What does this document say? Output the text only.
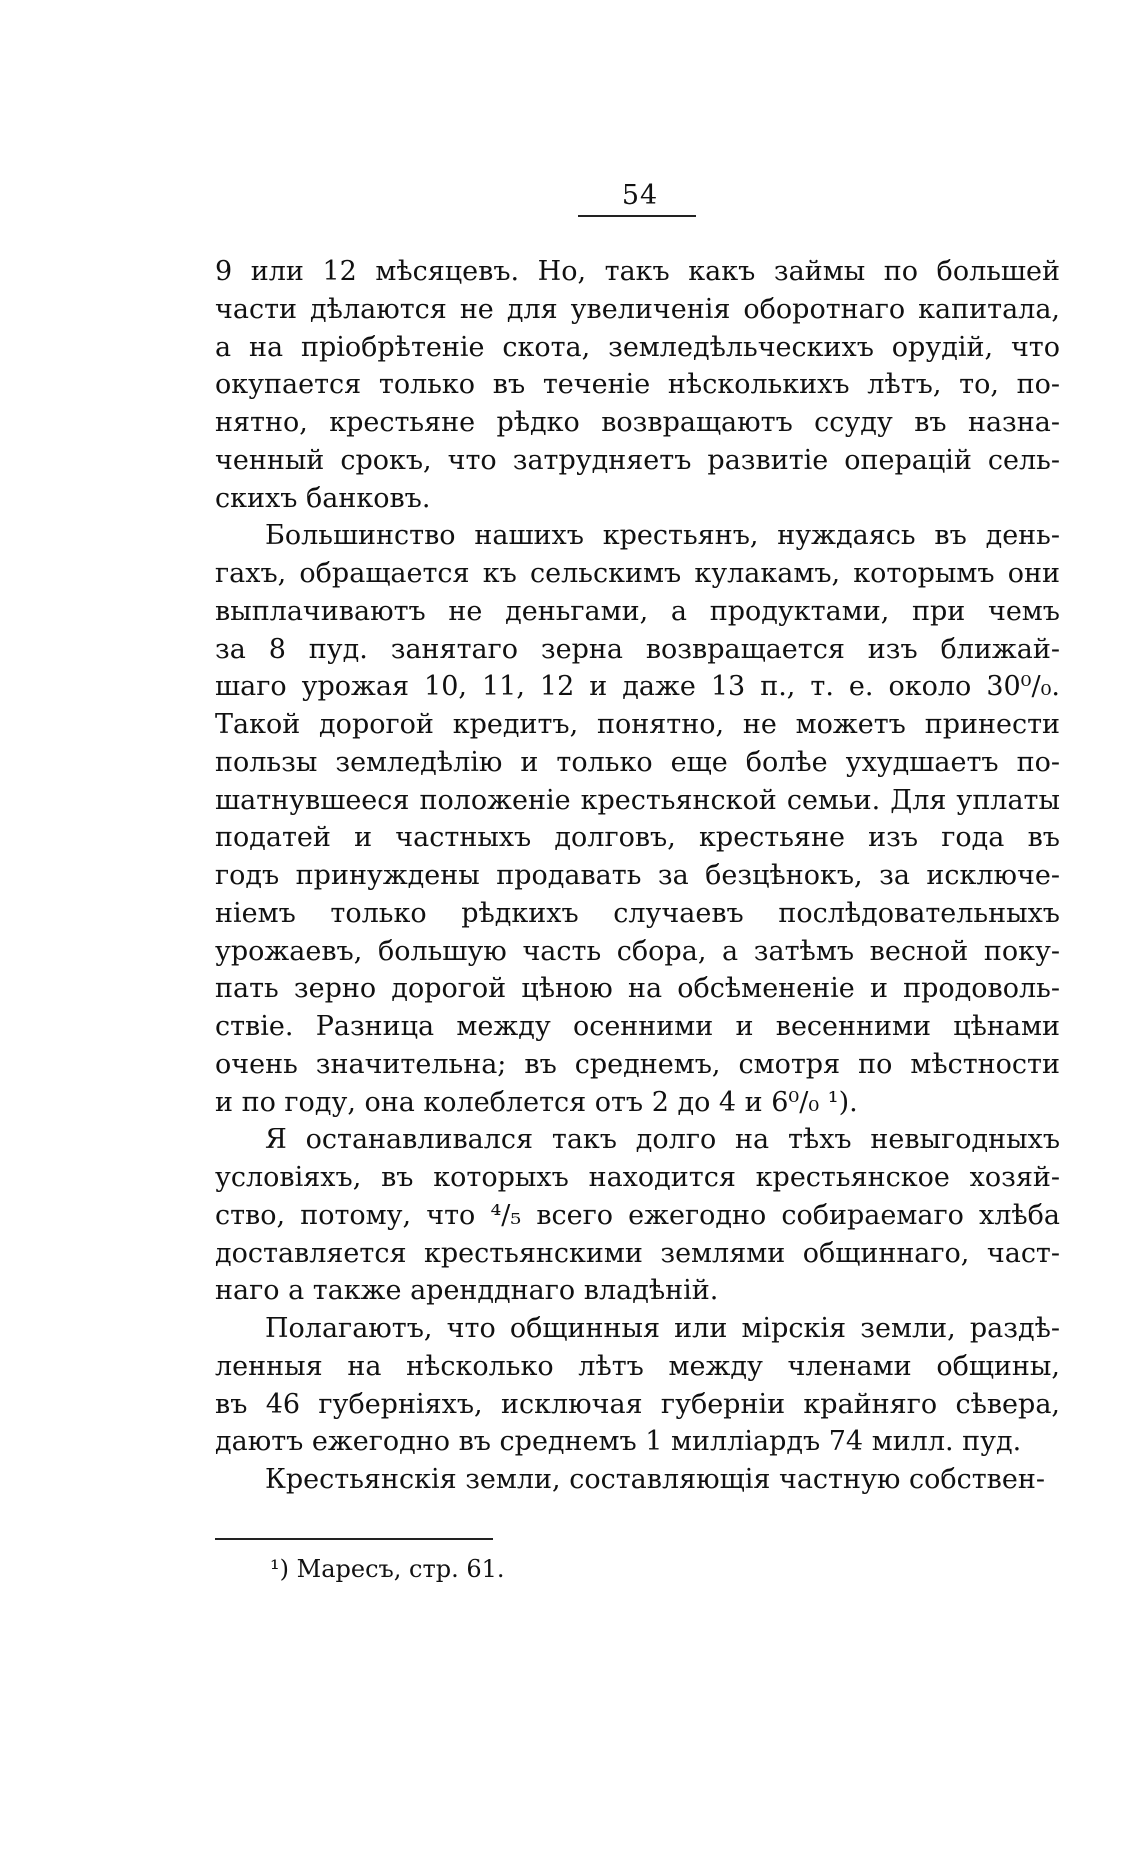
54
9 или 12 мѣсяцевъ. Но, такъ какъ займы по большей
части дѣлаются не для увеличенія оборотнаго капитала,
а на пріобрѣтеніе скота, земледѣльческихъ орудій, что
окупается только въ теченіе нѣсколькихъ лѣтъ, то, по-
нятно, крестьяне рѣдко возвращаютъ ссуду въ назна-
ченный срокъ, что затрудняетъ развитіе операцій сель-
скихъ банковъ.
Большинство нашихъ крестьянъ, нуждаясь въ день-
гахъ, обращается къ сельскимъ кулакамъ, которымъ они
выплачиваютъ не деньгами, а продуктами, при чемъ
за 8 пуд. занятаго зерна возвращается изъ ближай-
шаго урожая 10, 11, 12 и даже 13 п., т. е. около 30⁰/₀.
Такой дорогой кредитъ, понятно, не можетъ принести
пользы земледѣлію и только еще болѣе ухудшаетъ по-
шатнувшееся положеніе крестьянской семьи. Для уплаты
податей и частныхъ долговъ, крестьяне изъ года въ
годъ принуждены продавать за безцѣнокъ, за исключе-
ніемъ только рѣдкихъ случаевъ послѣдовательныхъ
урожаевъ, большую часть сбора, а затѣмъ весной поку-
пать зерно дорогой цѣною на обсѣмененіе и продоволь-
ствіе. Разница между осенними и весенними цѣнами
очень значительна; въ среднемъ, смотря по мѣстности
и по году, она колеблется отъ 2 до 4 и 6⁰/₀ ¹).
Я останавливался такъ долго на тѣхъ невыгодныхъ
условіяхъ, въ которыхъ находится крестьянское хозяй-
ство, потому, что ⁴/₅ всего ежегодно собираемаго хлѣба
доставляется крестьянскими землями общиннаго, част-
наго а также арендднаго владѣній.
Полагаютъ, что общинныя или мірскія земли, раздѣ-
ленныя на нѣсколько лѣтъ между членами общины,
въ 46 губерніяхъ, исключая губерніи крайняго сѣвера,
даютъ ежегодно въ среднемъ 1 милліардъ 74 милл. пуд.
Крестьянскія земли, составляющія частную собствен-
¹) Маресъ, стр. 61.
